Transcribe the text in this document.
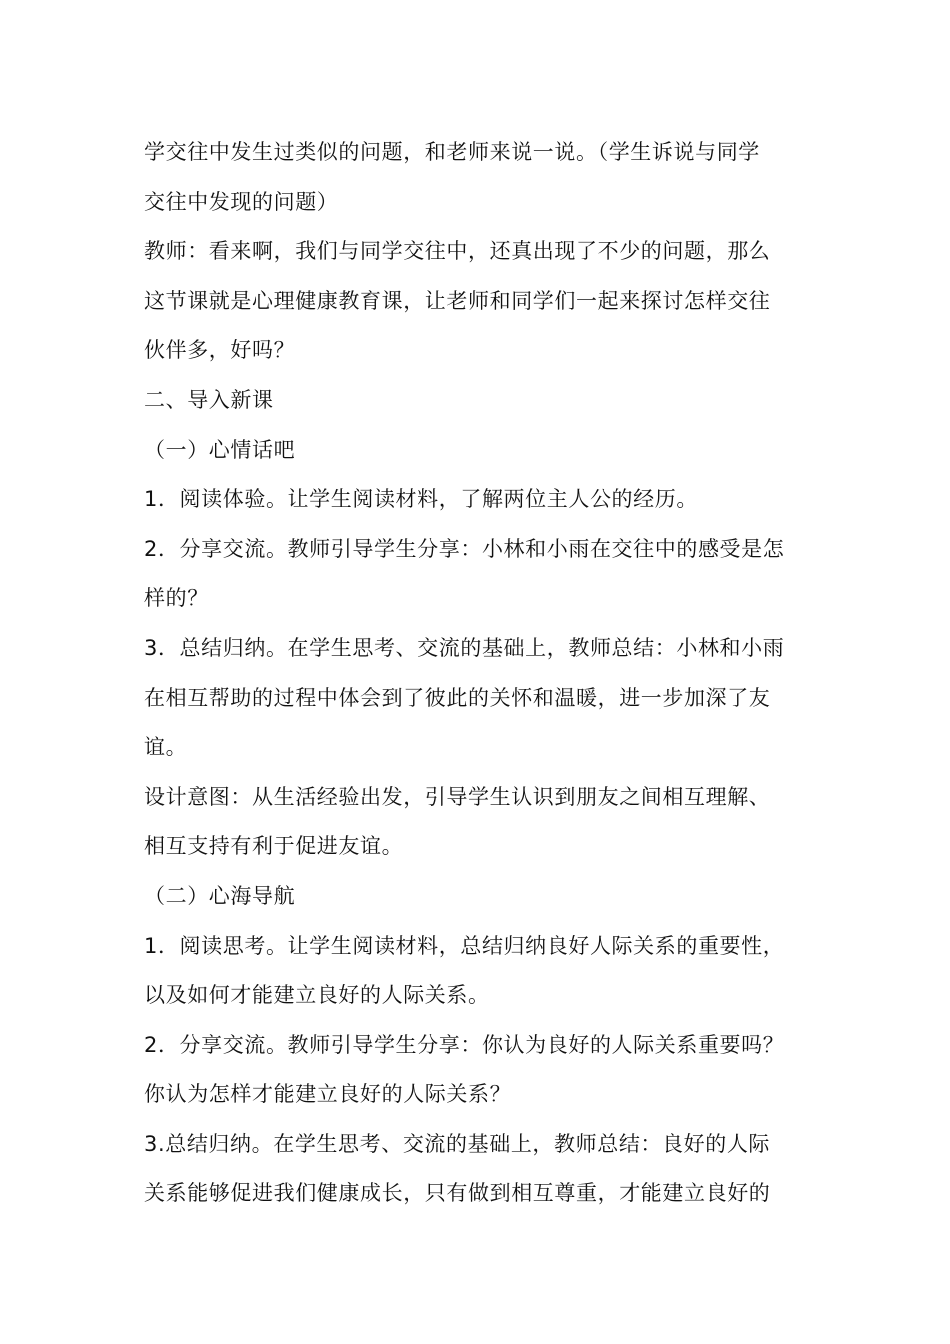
学交往中发生过类似的问题，和老师来说一说。（学生诉说与同学

交往中发现的问题）

教师：看来啊，我们与同学交往中，还真出现了不少的问题，那么

这节课就是心理健康教育课，让老师和同学们一起来探讨怎样交往

伙伴多，好吗？

二、导入新课

（一）心情话吧

1．阅读体验。让学生阅读材料，了解两位主人公的经历。

2．分享交流。教师引导学生分享：小林和小雨在交往中的感受是怎

样的？

3．总结归纳。在学生思考、交流的基础上，教师总结：小林和小雨

在相互帮助的过程中体会到了彼此的关怀和温暖，进一步加深了友

谊。

设计意图：从生活经验出发，引导学生认识到朋友之间相互理解、

相互支持有利于促进友谊。

（二）心海导航

1．阅读思考。让学生阅读材料，总结归纳良好人际关系的重要性，

以及如何才能建立良好的人际关系。

2．分享交流。教师引导学生分享：你认为良好的人际关系重要吗？

你认为怎样才能建立良好的人际关系？

3.总结归纳。在学生思考、交流的基础上，教师总结：良好的人际

关系能够促进我们健康成长，只有做到相互尊重，才能建立良好的
